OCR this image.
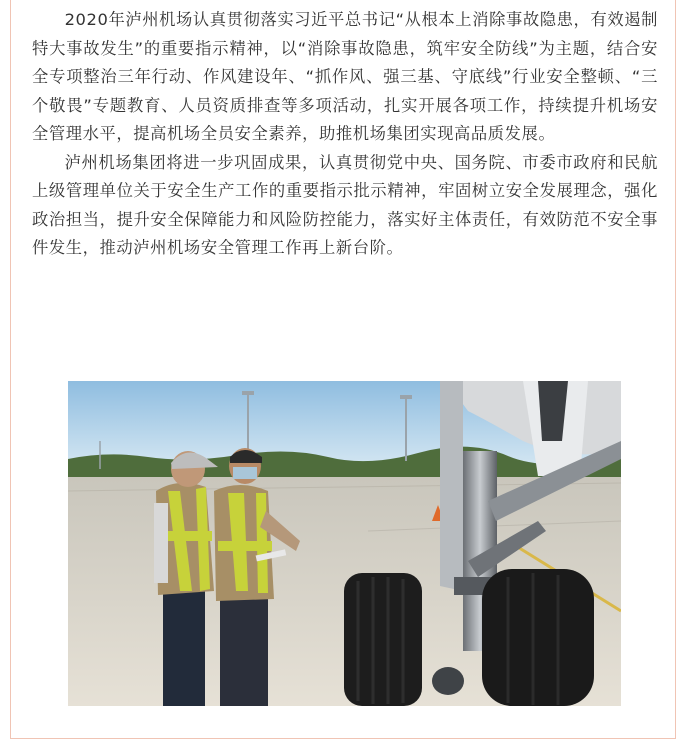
2020年泸州机场认真贯彻落实习近平总书记“从根本上消除事故隐患，有效遏制特大事故发生”的重要指示精神，以“消除事故隐患，筑牢安全防线”为主题，结合安全专项整治三年行动、作风建设年、“抓作风、强三基、守底线”行业安全整顿、“三个敬畏”专题教育、人员资质排查等多项活动，扎实开展各项工作，持续提升机场安全管理水平，提高机场全员安全素养，助推机场集团实现高品质发展。

泸州机场集团将进一步巩固成果，认真贯彻党中央、国务院、市委市政府和民航上级管理单位关于安全生产工作的重要指示批示精神，牢固树立安全发展理念，强化政治担当，提升安全保障能力和风险防控能力，落实好主体责任，有效防范不安全事件发生，推动泸州机场安全管理工作再上新台阶。
